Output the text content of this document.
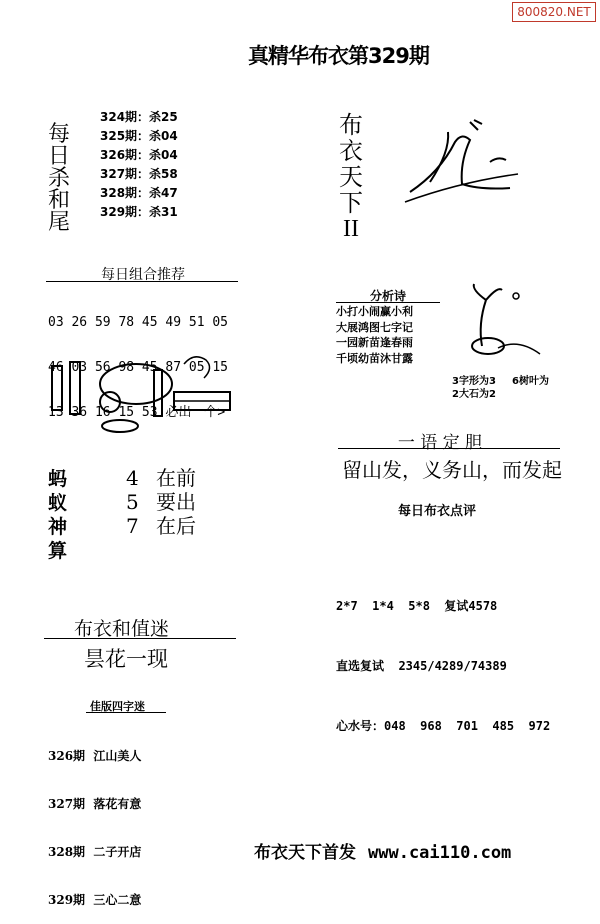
800820.NET
真精华布衣第329期
每
日
杀
和
尾
324期：杀25
325期：杀04
326期：杀04
327期：杀58
328期：杀47
329期：杀31
布
衣
天
下
II
每日组合推荐

03 26 59 78 45 49 51 05

46 03 56 98 45 87 05 15

13 36 16 15 53 必出一个>

分析诗
小打小闹赢小利
大展鸿图七字记
一园新苗逢春雨
千顷幼苗沐甘露
3字形为3
2大石为2
6树叶为
一 语 定 胆
留山发，义务山，而发起
蚂
蚁
神
算
4 在前
5 要出
7 在后
每日布衣点评

2*7  1*4  5*8  复试4578

直选复试  2345/4289/74389

心水号：048  968  701  485  972

布衣和值迷
昙花一现
佳版四字迷

326期  江山美人

327期  落花有意

328期  二子开店

329期  三心二意

布衣天下首发 www.cai110.com
